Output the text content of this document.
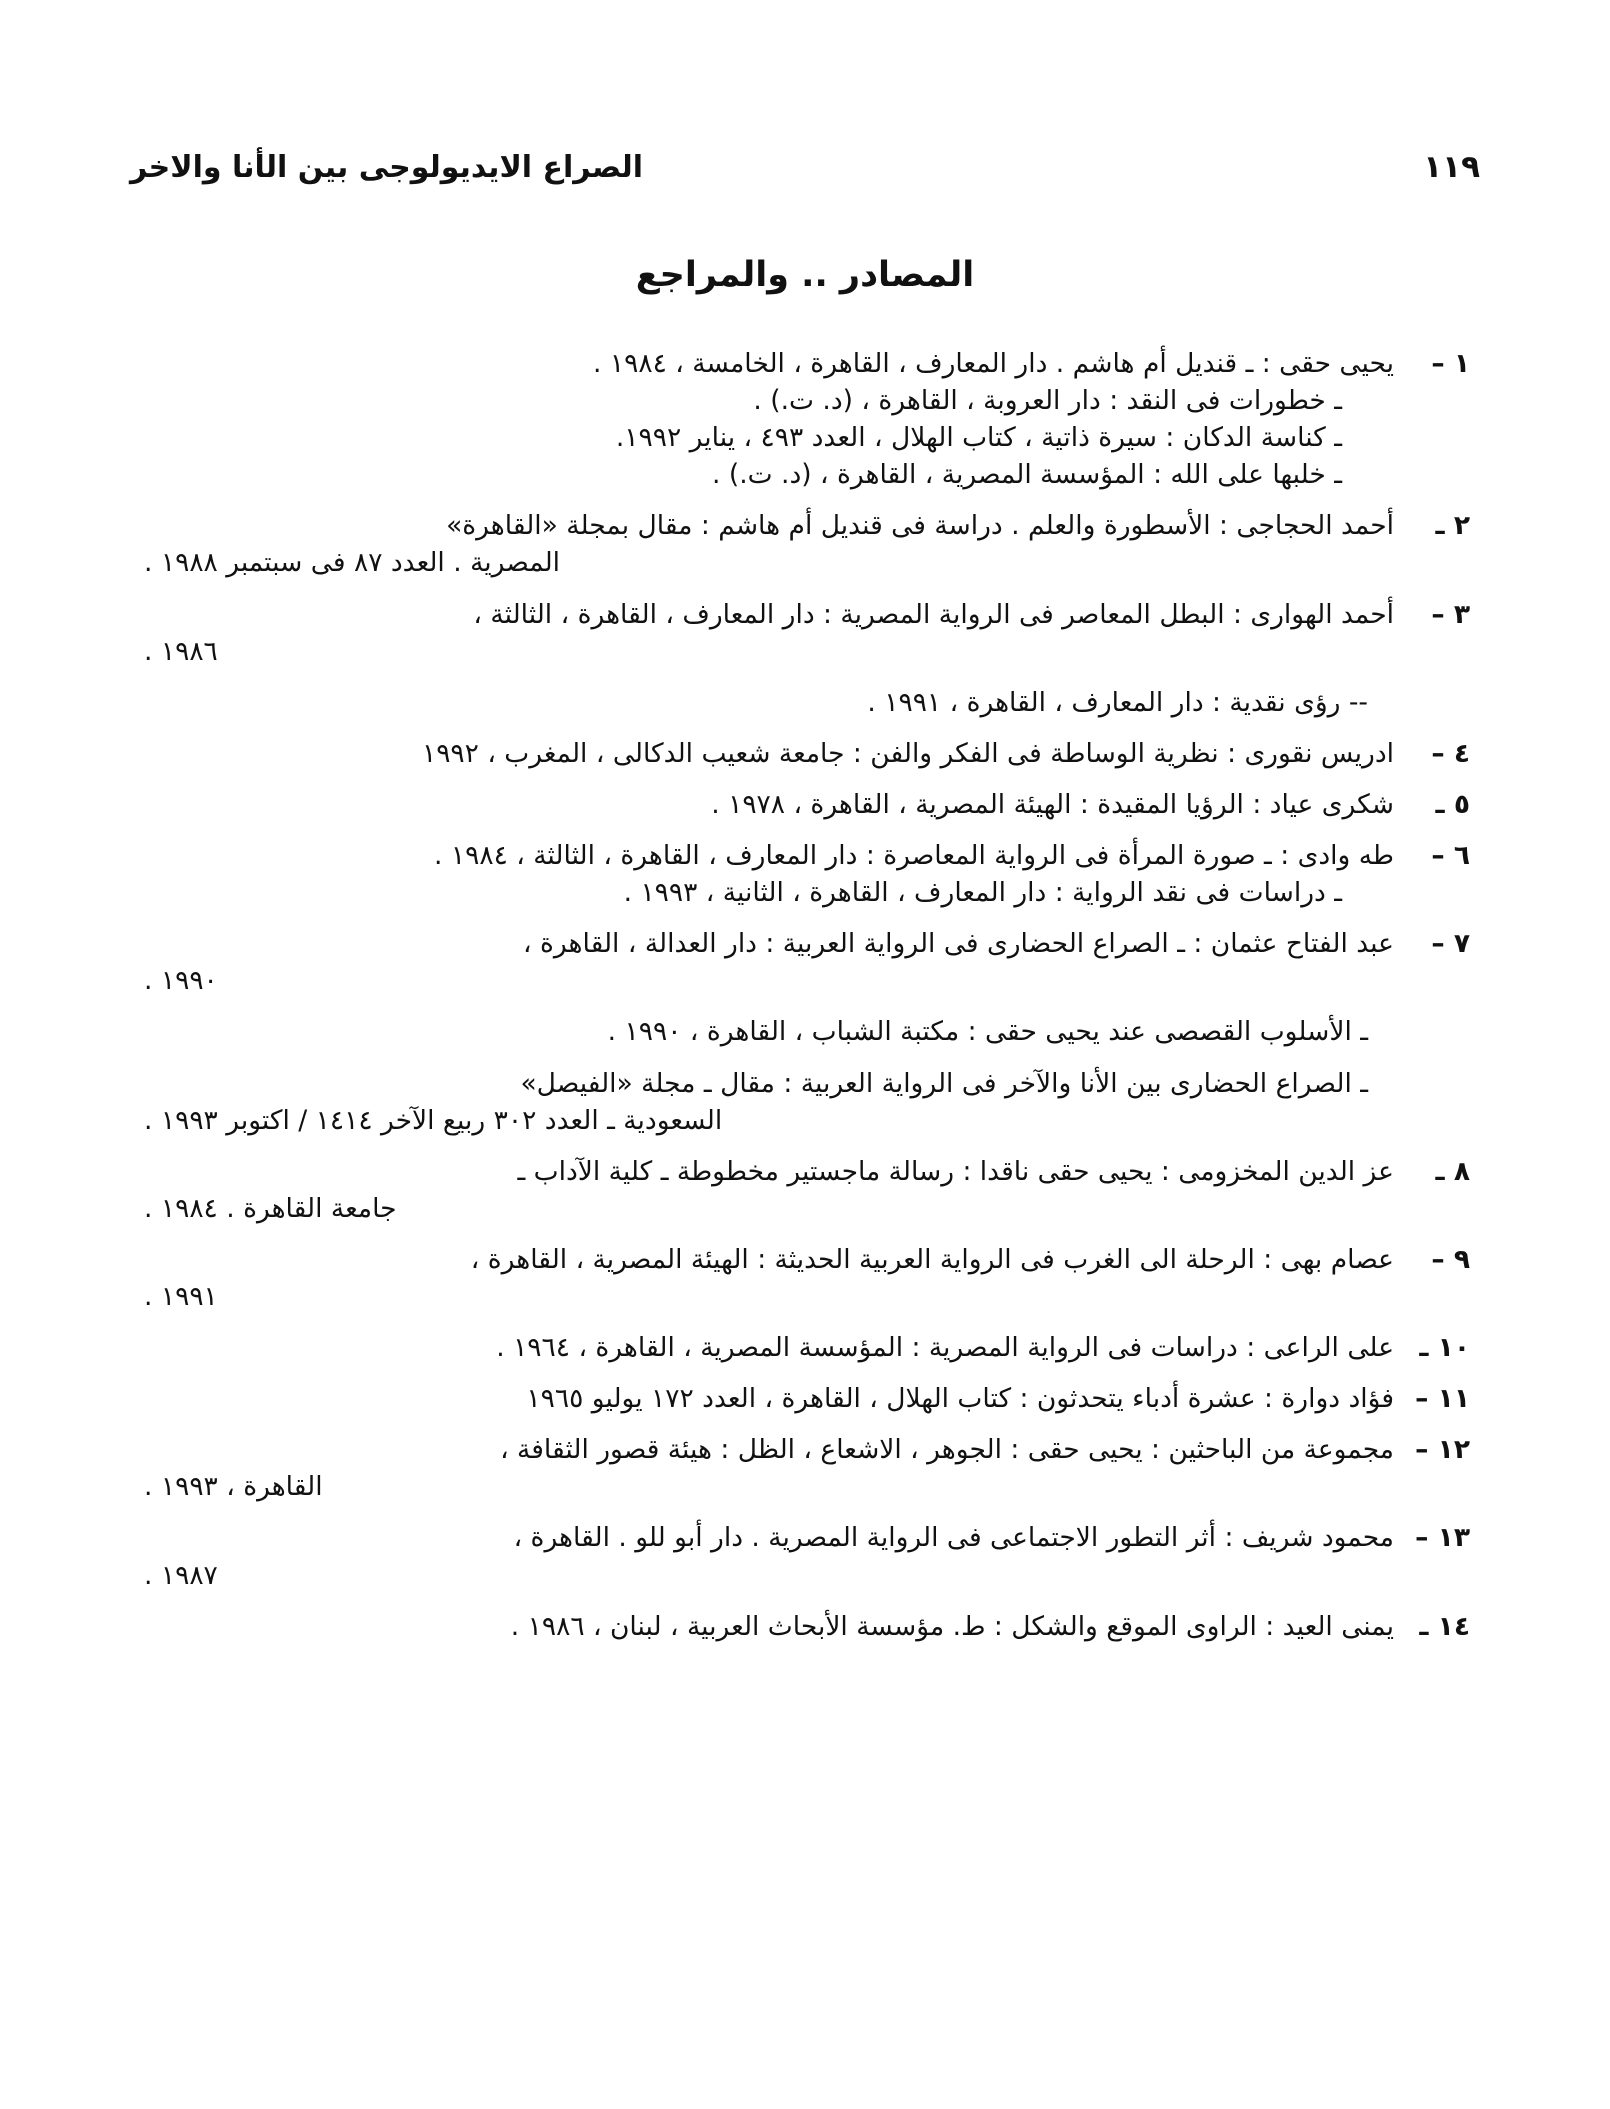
الصراع الايديولوجى بين الأنا والاخر	١١٩
المصادر .. والمراجع
١ –
يحيى حقى : ـ قنديل أم هاشم . دار المعارف ، القاهرة ، الخامسة ، ١٩٨٤ .
ـ خطورات فى النقد : دار العروبة ، القاهرة ، (د. ت.) .
ـ كناسة الدكان : سيرة ذاتية ، كتاب الهلال ، العدد ٤٩٣ ، يناير ١٩٩٢.
ـ خلبها على الله : المؤسسة المصرية ، القاهرة ، (د. ت.) .
٢ ـ
أحمد الحجاجى : الأسطورة والعلم . دراسة فى قنديل أم هاشم : مقال بمجلة «القاهرة»
المصرية . العدد ٨٧ فى سبتمبر ١٩٨٨ .
٣ –
أحمد الهوارى : البطل المعاصر فى الرواية المصرية : دار المعارف ، القاهرة ، الثالثة ،
١٩٨٦ .
-- رؤى نقدية : دار المعارف ، القاهرة ، ١٩٩١ .
٤ –
ادريس نقورى : نظرية الوساطة فى الفكر والفن : جامعة شعيب الدكالى ، المغرب ، ١٩٩٢
٥ ـ
شكرى عياد : الرؤيا المقيدة : الهيئة المصرية ، القاهرة ، ١٩٧٨ .
٦ –
طه وادى : ـ صورة المرأة فى الرواية المعاصرة : دار المعارف ، القاهرة ، الثالثة ، ١٩٨٤ .
ـ دراسات فى نقد الرواية : دار المعارف ، القاهرة ، الثانية ، ١٩٩٣ .
٧ –
عبد الفتاح عثمان : ـ الصراع الحضارى فى الرواية العربية : دار العدالة ، القاهرة ،
١٩٩٠ .
ـ الأسلوب القصصى عند يحيى حقى : مكتبة الشباب ، القاهرة ، ١٩٩٠ .
ـ الصراع الحضارى بين الأنا والآخر فى الرواية العربية : مقال ـ مجلة «الفيصل»
السعودية ـ العدد ٣٠٢ ربيع الآخر ١٤١٤ / اكتوبر ١٩٩٣ .
٨ ـ
عز الدين المخزومى : يحيى حقى ناقدا : رسالة ماجستير مخطوطة ـ كلية الآداب ـ
جامعة القاهرة . ١٩٨٤ .
٩ –
عصام بهى : الرحلة الى الغرب فى الرواية العربية الحديثة : الهيئة المصرية ، القاهرة ،
١٩٩١ .
١٠ ـ
على الراعى : دراسات فى الرواية المصرية : المؤسسة المصرية ، القاهرة ، ١٩٦٤ .
١١ –
فؤاد دوارة : عشرة أدباء يتحدثون : كتاب الهلال ، القاهرة ، العدد ١٧٢ يوليو ١٩٦٥
١٢ –
مجموعة من الباحثين : يحيى حقى : الجوهر ، الاشعاع ، الظل : هيئة قصور الثقافة ،
القاهرة ، ١٩٩٣ .
١٣ –
محمود شريف : أثر التطور الاجتماعى فى الرواية المصرية . دار أبو للو . القاهرة ،
١٩٨٧ .
١٤ ـ
يمنى العيد : الراوى الموقع والشكل : ط. مؤسسة الأبحاث العربية ، لبنان ، ١٩٨٦ .
